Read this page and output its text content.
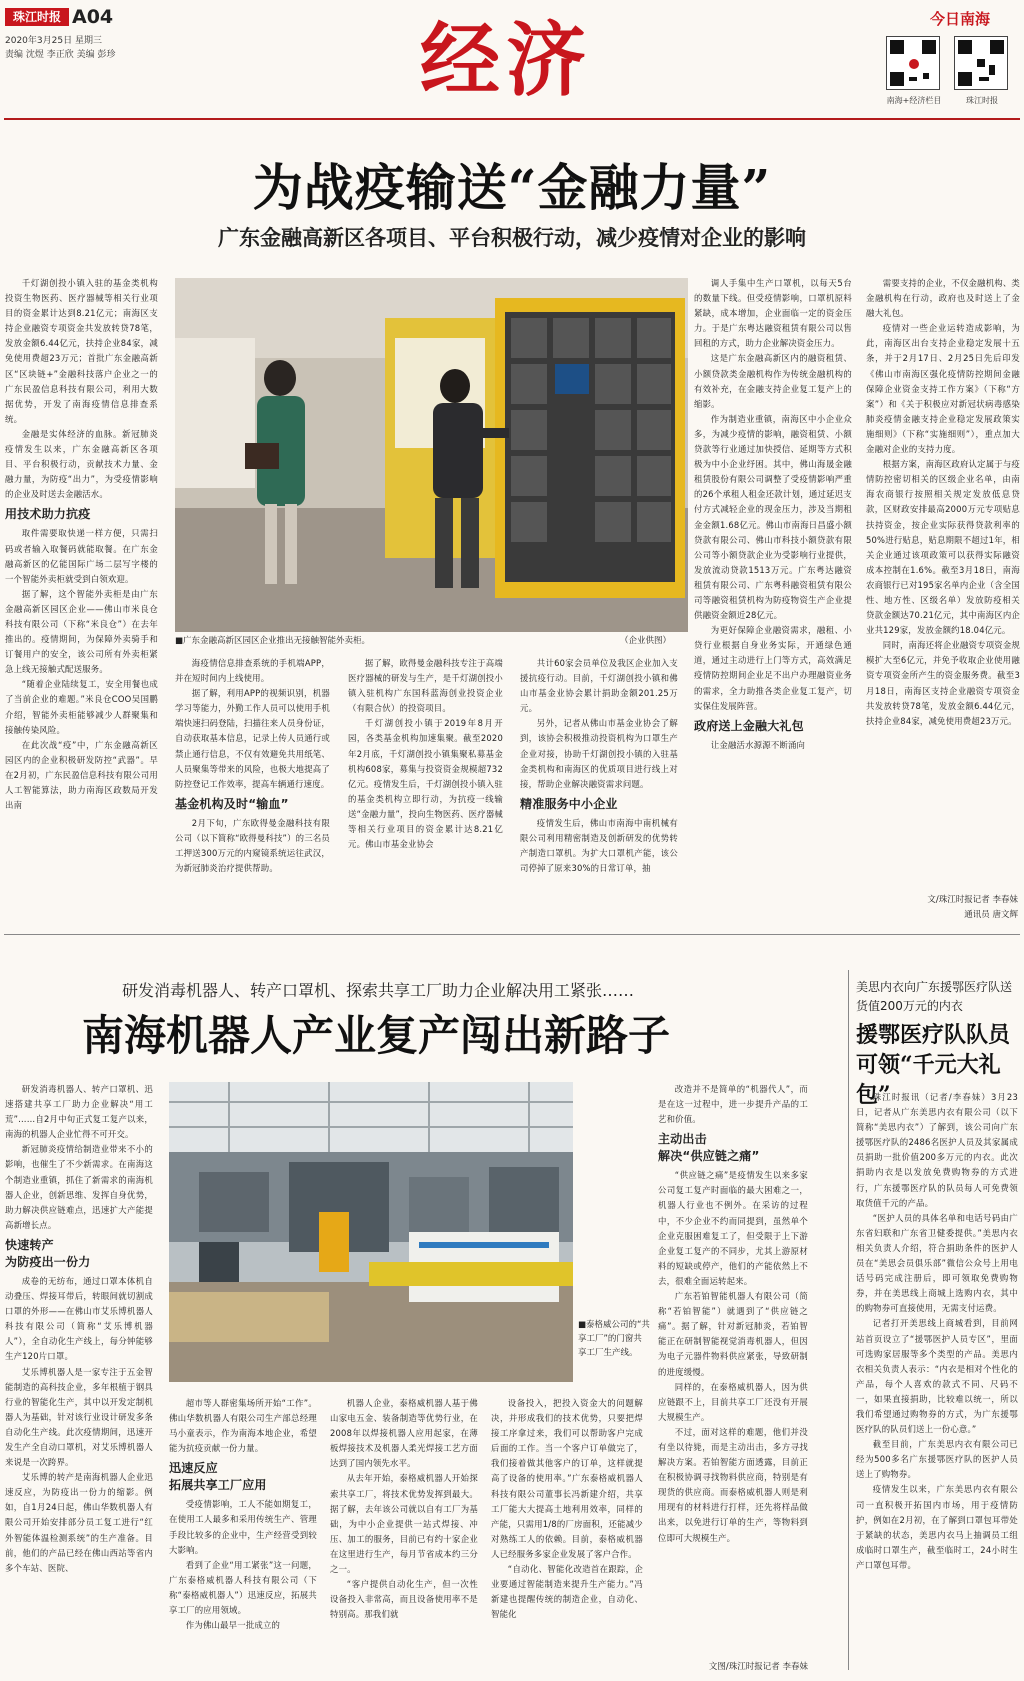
珠江时报 A04
2020年3月25日 星期三
责编 沈煜 李正欣 美编 彭珍	经济	今日南海
南海+经济栏目	珠江时报
为战疫输送“金融力量”
广东金融高新区各项目、平台积极行动，减少疫情对企业的影响

千灯湖创投小镇入驻的基金类机构投资生物医药、医疗器械等相关行业项目的资金累计达到8.21亿元；南海区支持企业融资专项资金共发放转贷78笔，发放金额6.44亿元，扶持企业84家，减免使用费超23万元；首批广东金融高新区“区块链+”金融科技落户企业之一的广东民盈信息科技有限公司，利用大数据优势，开发了南海疫情信息排查系统。

金融是实体经济的血脉。新冠肺炎疫情发生以来，广东金融高新区各项目、平台积极行动，贡献技术力量、金融力量，为防疫“出力”，为受疫情影响的企业及时送去金融活水。

用技术助力抗疫

取件需要取快递一样方便，只需扫码或者输入取餐码就能取餐。在广东金融高新区的亿能国际广场二层写字楼的一个智能外卖柜就受到白领欢迎。

据了解，这个智能外卖柜是由广东金融高新区园区企业——佛山市米良仓科技有限公司（下称“米良仓”）在去年推出的。疫情期间，为保障外卖骑手和订餐用户的安全，该公司所有外卖柜紧急上线无接触式配送服务。

“随着企业陆续复工，安全用餐也成了当前企业的难题。”米良仓COO吴国鹏介绍，智能外卖柜能够减少人群聚集和接触传染风险。

在此次战“疫”中，广东金融高新区园区内的企业积极研发防控“武器”。早在2月初，广东民盈信息科技有限公司用人工智能算法，助力南海区政数局开发出南

■广东金融高新区园区企业推出无接触智能外卖柜。	（企业供图）

海疫情信息排查系统的手机端APP，并在短时间内上线使用。

据了解，利用APP的视频识别，机器学习等能力，外勤工作人员可以使用手机端快速扫码登陆，扫描往来人员身份证，自动获取基本信息，记录上传人员通行或禁止通行信息，不仅有效避免共用纸笔、人员聚集等带来的风险，也极大地提高了防控登记工作效率，提高车辆通行速度。

基金机构及时“输血”

2月下旬，广东欧得曼金融科技有限公司（以下简称“欧得曼科技”）的三名员工押送300万元的内窥镜系统运往武汉，为新冠肺炎治疗提供帮助。

据了解，欧得曼金融科技专注于高端医疗器械的研发与生产，是千灯湖创投小镇入驻机构广东国科蓝海创业投资企业（有限合伙）的投资项目。

千灯湖创投小镇于2019年8月开园，各类基金机构加速集聚。截至2020年2月底，千灯湖创投小镇集聚私募基金机构608家，募集与投资资金规模超732亿元。疫情发生后，千灯湖创投小镇入驻的基金类机构立即行动，为抗疫一线输送“金融力量”，投向生物医药、医疗器械等相关行业项目的资金累计达8.21亿元。佛山市基金业协会

共计60家会员单位及我区企业加入支援抗疫行动。目前，千灯湖创投小镇和佛山市基金业协会累计捐助金额201.25万元。

另外，记者从佛山市基金业协会了解到，该协会积极推动投资机构为口罩生产企业对接，协助千灯湖创投小镇的入驻基金类机构和南海区的优质项目进行线上对接，帮助企业解决融资需求问题。

精准服务中小企业

疫情发生后，佛山市南海中南机械有限公司利用精密制造及创新研发的优势转产制造口罩机。为扩大口罩机产能，该公司停掉了原来30%的日常订单，抽

调人手集中生产口罩机，以每天5台的数量下线。但受疫情影响，口罩机原料紧缺，成本增加，企业面临一定的资金压力。于是广东粤达融资租赁有限公司以售回租的方式，助力企业解决资金压力。

这是广东金融高新区内的融资租赁、小额贷款类金融机构作为传统金融机构的有效补充，在金融支持企业复工复产上的缩影。

作为制造业重镇，南海区中小企业众多，为减少疫情的影响，融资租赁、小额贷款等行业通过加快授信、延期等方式积极为中小企业纾困。其中，佛山海晟金融租赁股份有限公司调整了受疫情影响严重的26个承租人租金还款计划，通过延迟支付方式减轻企业的现金压力，涉及当期租金金额1.68亿元。佛山市南海日昌盛小额贷款有限公司、佛山市科技小额贷款有限公司等小额贷款企业为受影响行业提供，发放流动贷款1513万元。广东粤达融资租赁有限公司、广东粤科融资租赁有限公司等融资租赁机构为防疫物资生产企业提供融资金额近28亿元。

为更好保障企业融资需求，融租、小贷行业根据自身业务实际，开通绿色通道，通过主动进行上门等方式，高效满足疫情防控期间企业足不出户办理融资业务的需求，全力助推各类企业复工复产，切实保住发展阵营。

政府送上金融大礼包

让金融活水源源不断涌向

需要支持的企业，不仅金融机构、类金融机构在行动，政府也及时送上了金融大礼包。

疫情对一些企业运转造成影响，为此，南海区出台支持企业稳定发展十五条，并于2月17日、2月25日先后印发《佛山市南海区强化疫情防控期间金融保障企业资金支持工作方案》（下称“方案”）和《关于积极应对新冠状病毒感染肺炎疫情金融支持企业稳定发展政策实施细则》（下称“实施细则”），重点加大金融对企业的支持力度。

根据方案，南海区政府认定属于与疫情防控密切相关的区级企业名单，由南海农商银行按照相关规定发放低息贷款，区财政安排最高2000万元专项贴息扶持资金，按企业实际获得贷款利率的50%进行贴息，贴息期限不超过1年，相关企业通过该项政策可以获得实际融资成本控制在1.6%。截至3月18日，南海农商银行已对195家名单内企业（含全国性、地方性、区级名单）发放防疫相关贷款金额达70.21亿元，其中南海区内企业共129家，发放金额约18.04亿元。

同时，南海还将企业融资专项资金规模扩大至6亿元，并免予收取企业使用融资专项资金所产生的资金服务费。截至3月18日，南海区支持企业融资专项资金共发放转贷78笔，发放金额6.44亿元，扶持企业84家，减免使用费超23万元。

文/珠江时报记者 李春妹
通讯员 唐文辉
研发消毒机器人、转产口罩机、探索共享工厂助力企业解决用工紧张……
南海机器人产业复产闯出新路子

研发消毒机器人、转产口罩机、迅速搭建共享工厂助力企业解决“用工荒”……自2月中旬正式复工复产以来，南海的机器人企业忙得不可开交。

新冠肺炎疫情给制造业带来不小的影响，也催生了不少新需求。在南海这个制造业重镇，抓住了新需求的南海机器人企业，创新思维、发挥自身优势，助力解决供应链难点，迅速扩大产能提高新增长点。

快速转产
为防疫出一份力

成卷的无纺布，通过口罩本体机自动叠压、焊接耳带后，转眼间就切割成口罩的外形——在佛山市艾乐博机器人科技有限公司（简称“艾乐博机器人”），全自动化生产线上，每分钟能够生产120片口罩。

艾乐博机器人是一家专注于五金智能制造的高科技企业，多年根植于钢具行业的智能化生产，其中以开发定制机器人为基础，针对该行业设计研发多条自动化生产线。此次疫情期间，迅速开发生产全自动口罩机，对艾乐博机器人来说是一次跨界。

艾乐博的转产是南海机器人企业迅速反应，为防疫出一份力的缩影。例如，自1月24日起，佛山华数机器人有限公司开始安排部分员工复工进行“红外智能体温检测系统”的生产准备。目前，他们的产品已经在佛山西站等省内多个车站、医院、

■泰格威公司的“共享工厂”的门窗共享工厂生产线。

超市等人群密集场所开始“工作”。佛山华数机器人有限公司生产部总经理马小童表示，作为南海本地企业，希望能为抗疫贡献一份力量。

迅速反应
拓展共享工厂应用

受疫情影响，工人不能如期复工，在使用工人最多和采用传统生产、管理手段比较多的企业中，生产经营受到较大影响。

看到了企业“用工紧张”这一问题，广东泰格威机器人科技有限公司（下称“泰格威机器人”）迅速反应，拓展共享工厂的应用领域。

作为佛山最早一批成立的

机器人企业，泰格威机器人基于佛山家电五金、装备制造等优势行业，在2008年以焊接机器人应用起家，在薄板焊接技术及机器人柔光焊接工艺方面达到了国内领先水平。

从去年开始，泰格威机器人开始探索共享工厂，将技术优势发挥到最大。据了解，去年该公司就以自有工厂为基础，为中小企业提供一站式焊接、冲压、加工的服务，目前已有约十家企业在这里进行生产，每月节省成本约三分之一。

“客户提供自动化生产，但一次性设备投入非常高，而且设备使用率不是特别高。那我们就

设备投入，把投入资金大的问题解决，并形成我们的技术优势，只要把焊接工序拿过来，我们可以帮助客户完成后面的工作。当一个客户订单做完了，我们接着做其他客户的订单，这样就提高了设备的使用率。”广东泰格威机器人科技有限公司董事长冯新建介绍，共享工厂能大大提高土地利用效率，同样的产能，只需用1/8的厂房面积，还能减少对熟练工人的依赖。目前，泰格威机器人已经服务多家企业发展了客户合作。

“自动化、智能化改造首在跟踪，企业要通过智能制造来提升生产能力。”冯新建也提醒传统的制造企业，自动化、智能化

改造并不是简单的“机器代人”，而是在这一过程中，进一步提升产品的工艺和价值。

主动出击
解决“供应链之痛”

“供应链之痛”是疫情发生以来多家公司复工复产时面临的最大困难之一，机器人行业也不例外。在采访的过程中，不少企业不约而同提到，虽然单个企业克服困难复工了，但受限于上下游企业复工复产的不同步，尤其上游原材料的短缺或停产，他们的产能依然上不去，很难全面运转起来。

广东若铂智能机器人有限公司（简称“若铂智能”）就遇到了“供应链之痛”。据了解，针对新冠肺炎，若铂智能正在研制智能视觉消毒机器人，但因为电子元器件物料供应紧张，导致研制的进度缓慢。

同样的，在泰格威机器人，因为供应链跟不上，目前共享工厂还没有开展大规模生产。

不过，面对这样的难题，他们并没有坐以待毙，而是主动出击，多方寻找解决方案。若铂智能方面透露，目前正在积极协调寻找物料供应商，特别是有现货的供应商。而泰格威机器人则是利用现有的材料进行打样，还先将样品做出来，以免进行订单的生产，等物料到位即可大规模生产。

文图/珠江时报记者 李春妹
美思内衣向广东援鄂医疗队送货值200万元的内衣
援鄂医疗队队员可领“千元大礼包”

珠江时报讯（记者/李春妹）3月23日，记者从广东美思内衣有限公司（以下简称“美思内衣”）了解到，该公司向广东援鄂医疗队的2486名医护人员及其家属成员捐助一批价值200多万元的内衣。此次捐助内衣是以发放免费购物券的方式进行，广东援鄂医疗队的队员每人可免费领取货值千元的产品。

“医护人员的具体名单和电话号码由广东省妇联和广东省卫健委提供。”美思内衣相关负责人介绍，符合捐助条件的医护人员在“美思会员俱乐部”微信公众号上用电话号码完成注册后，即可领取免费购物券，并在美思线上商城上选购内衣，其中的购物券可直接使用，无需支付运费。

记者打开美思线上商城看到，目前网站首页设立了“援鄂医护人员专区”，里面可选购家居服等多个类型的产品。美思内衣相关负责人表示：“内衣是相对个性化的产品，每个人喜欢的款式不同、尺码不一，如果直接捐助，比较难以统一，所以我们希望通过购物券的方式，为广东援鄂医疗队的队员们送上一份心意。”

截至目前，广东美思内衣有限公司已经为500多名广东援鄂医疗队的医护人员送上了购物券。

疫情发生以来，广东美思内衣有限公司一直积极开拓国内市场，用于疫情防护，例如在2月初，在了解到口罩包耳带处于紧缺的状态，美思内衣马上抽调员工组成临时口罩生产，截至临时工，24小时生产口罩包耳带。
